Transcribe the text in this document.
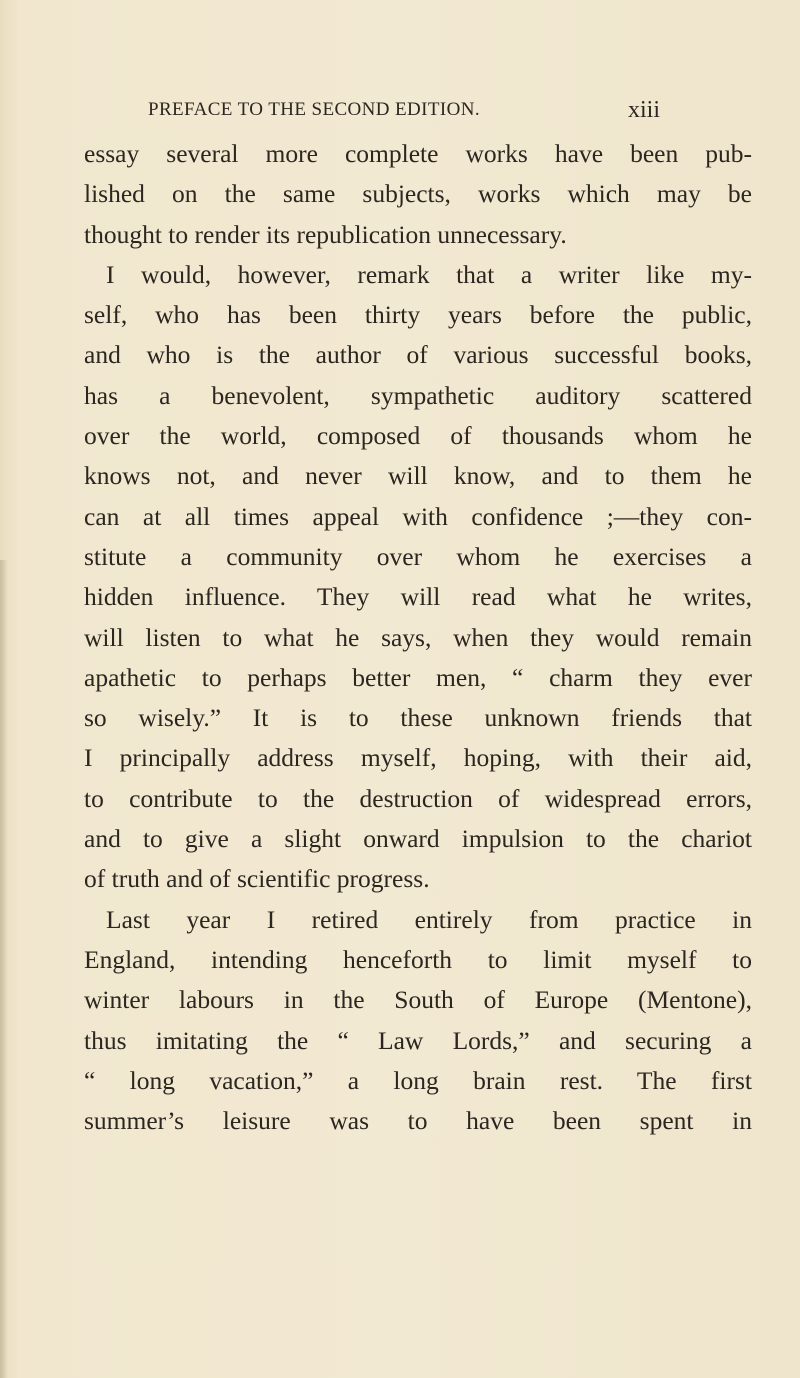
PREFACE TO THE SECOND EDITION.	xiii
essay several more complete works have been pub-
lished on the same subjects, works which may be
thought to render its republication unnecessary.
I would, however, remark that a writer like my-
self, who has been thirty years before the public,
and who is the author of various successful books,
has a benevolent, sympathetic auditory scattered
over the world, composed of thousands whom he
knows not, and never will know, and to them he
can at all times appeal with confidence ;—they con-
stitute a community over whom he exercises a
hidden influence. They will read what he writes,
will listen to what he says, when they would remain
apathetic to perhaps better men, “ charm they ever
so wisely.” It is to these unknown friends that
I principally address myself, hoping, with their aid,
to contribute to the destruction of widespread errors,
and to give a slight onward impulsion to the chariot
of truth and of scientific progress.
Last year I retired entirely from practice in
England, intending henceforth to limit myself to
winter labours in the South of Europe (Mentone),
thus imitating the “ Law Lords,” and securing a
“ long vacation,” a long brain rest. The first
summer’s leisure was to have been spent in
